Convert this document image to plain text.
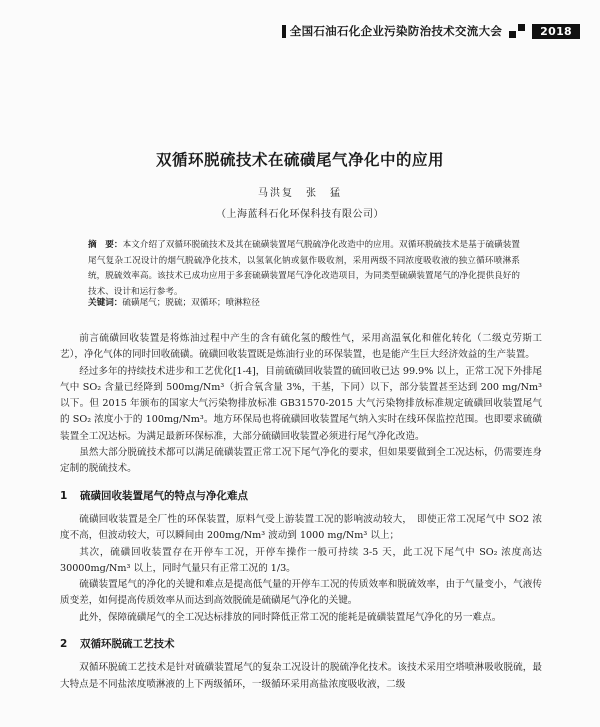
全国石油石化企业污染防治技术交流大会	2018
双循环脱硫技术在硫磺尾气净化中的应用
马洪复　张　猛
（上海蓝科石化环保科技有限公司）
摘　要：本文介绍了双循环脱硫技术及其在硫磺装置尾气脱硫净化改造中的应用。双循环脱硫技术是基于硫磺装置尾气复杂工况设计的烟气脱硫净化技术，以氢氧化钠或氨作吸收剂，采用两级不同浓度吸收液的独立循环喷淋系统，脱硫效率高。该技术已成功应用于多套硫磺装置尾气净化改造项目，为同类型硫磺装置尾气的净化提供良好的技术、设计和运行参考。
关键词：硫磺尾气；脱硫；双循环；喷淋粒径

前言硫磺回收装置是将炼油过程中产生的含有硫化氢的酸性气，采用高温氧化和催化转化（二级克劳斯工艺），净化气体的同时回收硫磺。硫磺回收装置既是炼油行业的环保装置，也是能产生巨大经济效益的生产装置。

经过多年的持续技术进步和工艺优化[1-4]，目前硫磺回收装置的硫回收已达 99.9% 以上，正常工况下外排尾气中 SO₂ 含量已经降到 500mg/Nm³（折合氧含量 3%，干基，下同）以下，部分装置甚至达到 200 mg/Nm³ 以下。但 2015 年颁布的国家大气污染物排放标准 GB31570-2015 大气污染物排放标准规定硫磺回收装置尾气的 SO₂ 浓度小于的 100mg/Nm³。地方环保局也将硫磺回收装置尾气纳入实时在线环保监控范围。也即要求硫磺装置全工况达标。为满足最新环保标准，大部分硫磺回收装置必须进行尾气净化改造。

虽然大部分脱硫技术都可以满足硫磺装置正常工况下尾气净化的要求，但如果要做到全工况达标，仍需要连身定制的脱硫技术。

1 硫磺回收装置尾气的特点与净化难点

硫磺回收装置是全厂性的环保装置，原料气受上游装置工况的影响波动较大，　即使正常工况尾气中 SO2 浓度不高，但波动较大，可以瞬间由 200mg/Nm³ 波动到 1000 mg/Nm³ 以上；

其次，硫磺回收装置存在开停车工况，开停车操作一般可持续 3-5 天，此工况下尾气中 SO₂ 浓度高达 30000mg/Nm³ 以上，同时气量只有正常工况的 1/3。

硫磺装置尾气的净化的关键和难点是提高低气量的开停车工况的传质效率和脱硫效率，由于气量变小，气液传质变差，如何提高传质效率从而达到高效脱硫是硫磺尾气净化的关键。

此外，保障硫磺尾气的全工况达标排放的同时降低正常工况的能耗是硫磺装置尾气净化的另一难点。

2 双循环脱硫工艺技术

双循环脱硫工艺技术是针对硫磺装置尾气的复杂工况设计的脱硫净化技术。该技术采用空塔喷淋吸收脱硫，最大特点是不同盐浓度喷淋液的上下两级循环，一级循环采用高盐浓度吸收液，二级
